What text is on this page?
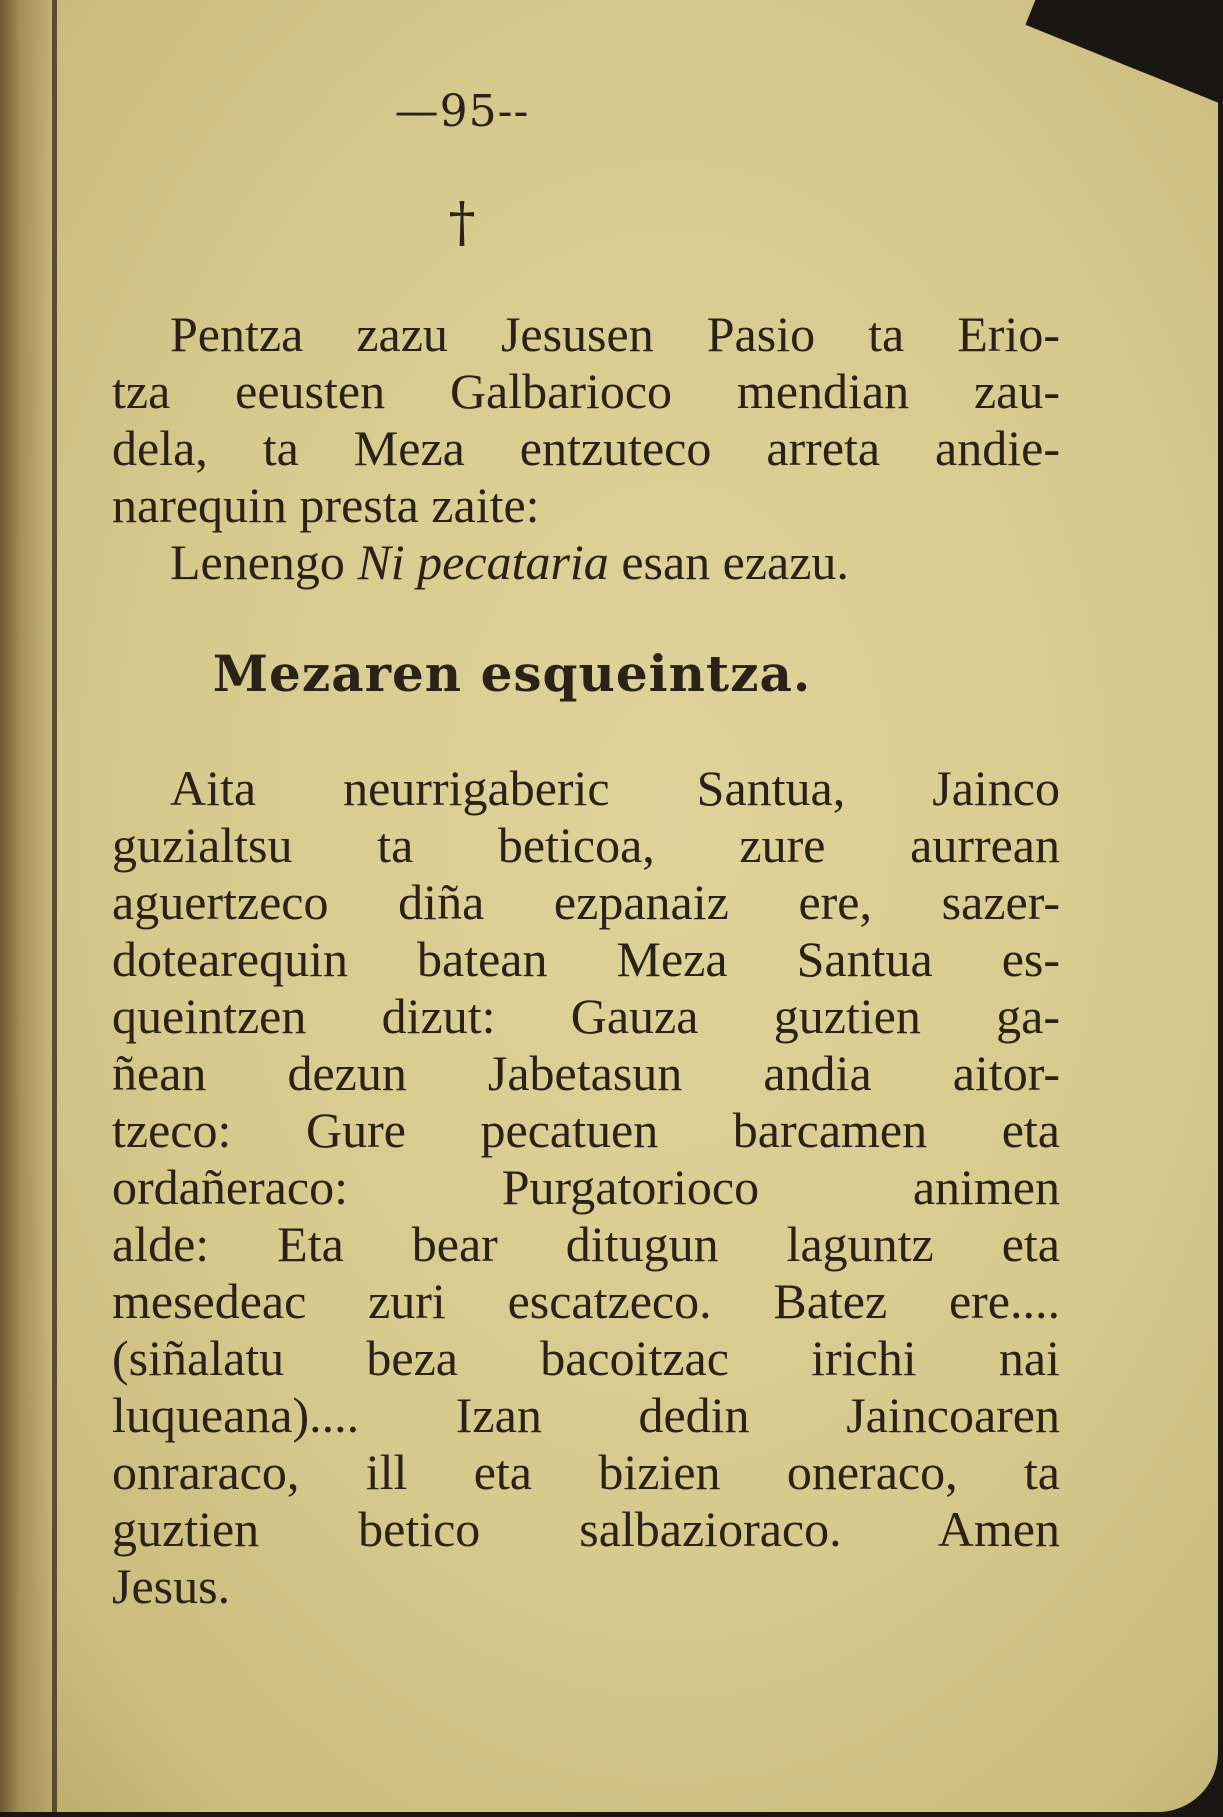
—95--
†
Pentza zazu Jesusen Pasio ta Erio-
tza eeusten Galbarioco mendian zau-
dela, ta Meza entzuteco arreta andie-
narequin presta zaite:
Lenengo Ni pecataria esan ezazu.
Mezaren esqueintza.
Aita neurrigaberic Santua, Jainco
guzialtsu ta beticoa, zure aurrean
aguertzeco diña ezpanaiz ere, sazer-
dotearequin batean Meza Santua es-
queintzen dizut: Gauza guztien ga-
ñean dezun Jabetasun andia aitor-
tzeco: Gure pecatuen barcamen eta
ordañeraco: Purgatorioco animen
alde: Eta bear ditugun laguntz eta
mesedeac zuri escatzeco. Batez ere....
(siñalatu beza bacoitzac irichi nai
luqueana).... Izan dedin Jaincoaren
onraraco, ill eta bizien oneraco, ta
guztien betico salbazioraco. Amen
Jesus.
